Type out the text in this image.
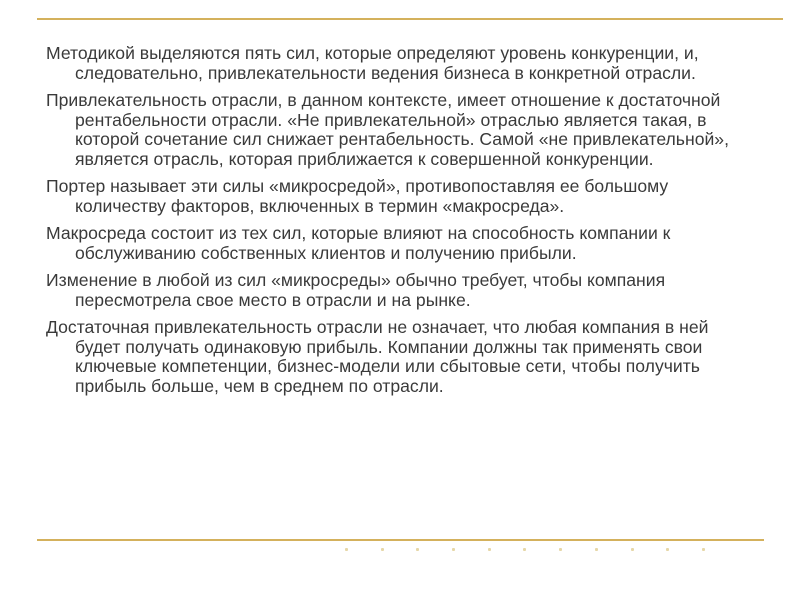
Методикой выделяются пять сил, которые определяют уровень конкуренции, и, следовательно, привлекательности ведения бизнеса в конкретной отрасли.

Привлекательность отрасли, в данном контексте, имеет отношение к достаточной рентабельности отрасли. «Не привлекательной» отраслью является такая, в которой сочетание сил снижает рентабельность. Самой «не привлекательной», является отрасль, которая приближается к совершенной конкуренции.

Портер называет эти силы «микросредой», противопоставляя ее большому количеству факторов, включенных в термин «макросреда».

Макросреда состоит из тех сил, которые влияют на способность компании к обслуживанию собственных клиентов и получению прибыли.

Изменение в любой из сил «микросреды» обычно требует, чтобы компания пересмотрела свое место в отрасли и на рынке.

Достаточная привлекательность отрасли не означает, что любая компания в ней будет получать одинаковую прибыль. Компании должны так применять свои ключевые компетенции, бизнес-модели или сбытовые сети, чтобы получить прибыль больше, чем в среднем по отрасли.
